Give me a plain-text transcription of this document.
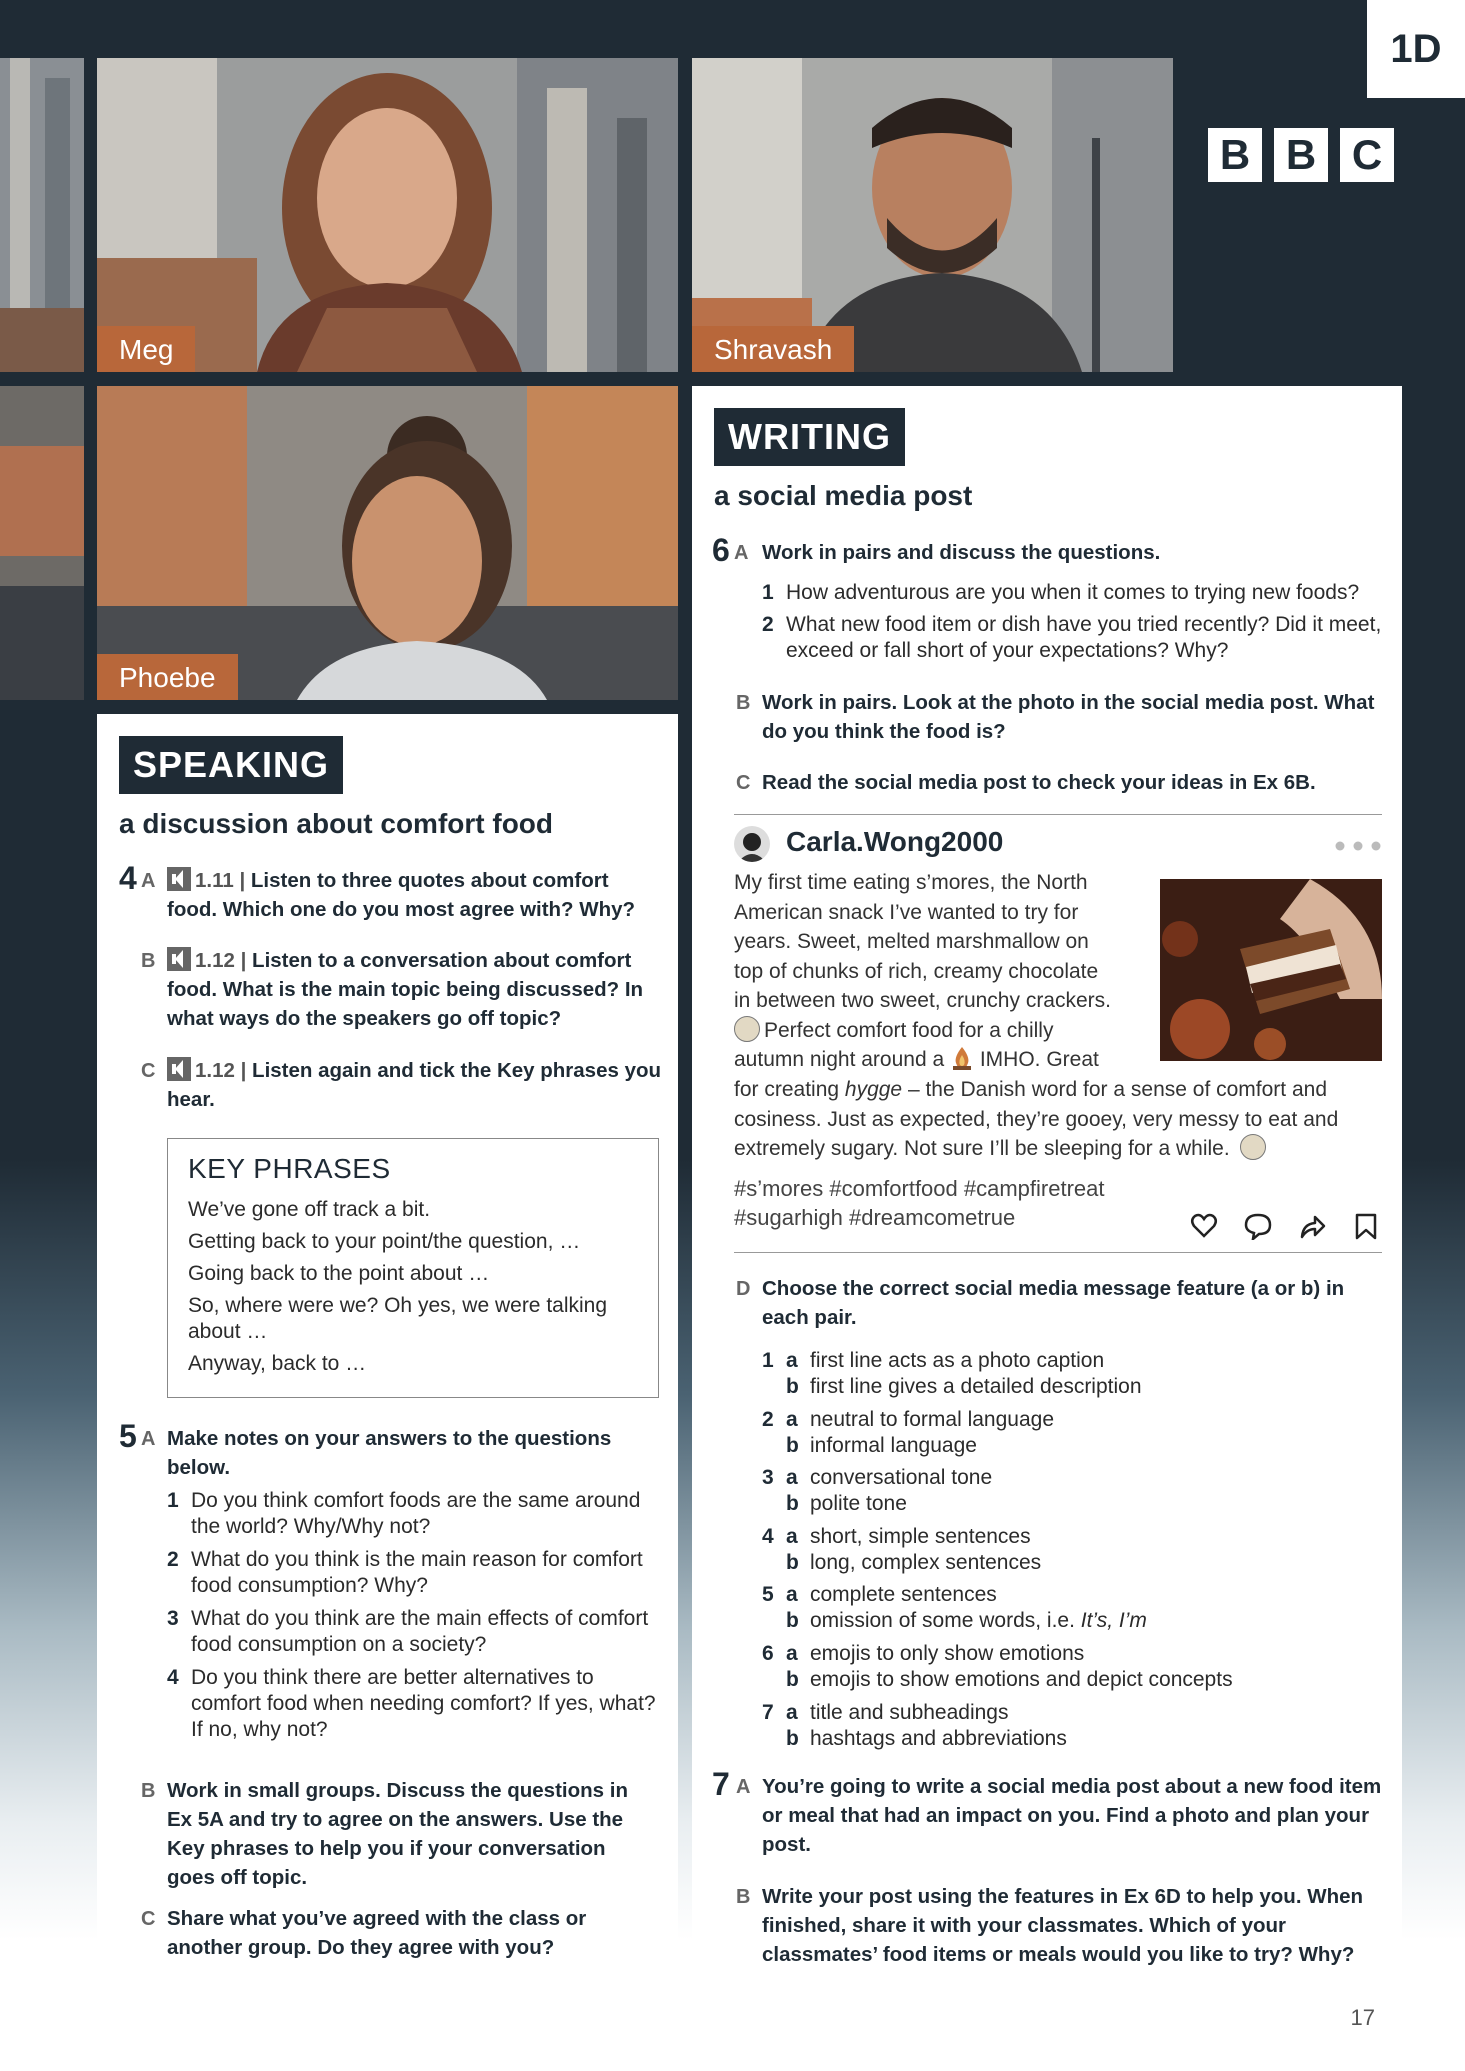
1D
B B C
Meg	Shravash
Phoebe
SPEAKING
a discussion about comfort food
4 A	1.11 | Listen to three quotes about comfort food. Which one do you most agree with? Why?
B	1.12 | Listen to a conversation about comfort food. What is the main topic being discussed? In what ways do the speakers go off topic?
C	1.12 | Listen again and tick the Key phrases you hear.
KEY PHRASES
We’ve gone off track a bit.
Getting back to your point/the question, …
Going back to the point about …
So, where were we? Oh yes, we were talking about …
Anyway, back to …
5 A Make notes on your answers to the questions below.
1 Do you think comfort foods are the same around the world? Why/Why not?
2 What do you think is the main reason for comfort food consumption? Why?
3 What do you think are the main effects of comfort food consumption on a society?
4 Do you think there are better alternatives to comfort food when needing comfort? If yes, what? If no, why not?
B Work in small groups. Discuss the questions in Ex 5A and try to agree on the answers. Use the Key phrases to help you if your conversation goes off topic.
C Share what you’ve agreed with the class or another group. Do they agree with you?
WRITING
a social media post
6 A Work in pairs and discuss the questions.
1 How adventurous are you when it comes to trying new foods?
2 What new food item or dish have you tried recently? Did it meet, exceed or fall short of your expectations? Why?
B Work in pairs. Look at the photo in the social media post. What do you think the food is?
C Read the social media post to check your ideas in Ex 6B.
Carla.Wong2000
My first time eating s’mores, the North
American snack I’ve wanted to try for
years. Sweet, melted marshmallow on
top of chunks of rich, creamy chocolate
in between two sweet, crunchy crackers.
Perfect comfort food for a chilly
autumn night around a IMHO. Great
for creating hygge – the Danish word for a sense of comfort and
cosiness. Just as expected, they’re gooey, very messy to eat and
extremely sugary. Not sure I’ll be sleeping for a while.
#s’mores #comfortfood #campfiretreat
#sugarhigh #dreamcometrue
D Choose the correct social media message feature (a or b) in each pair.
1 a first line acts as a photo caption
b first line gives a detailed description
2 a neutral to formal language
b informal language
3 a conversational tone
b polite tone
4 a short, simple sentences
b long, complex sentences
5 a complete sentences
b omission of some words, i.e. It’s, I’m
6 a emojis to only show emotions
b emojis to show emotions and depict concepts
7 a title and subheadings
b hashtags and abbreviations
7 A You’re going to write a social media post about a new food item or meal that had an impact on you. Find a photo and plan your post.
B Write your post using the features in Ex 6D to help you. When finished, share it with your classmates. Which of your classmates’ food items or meals would you like to try? Why?
17
